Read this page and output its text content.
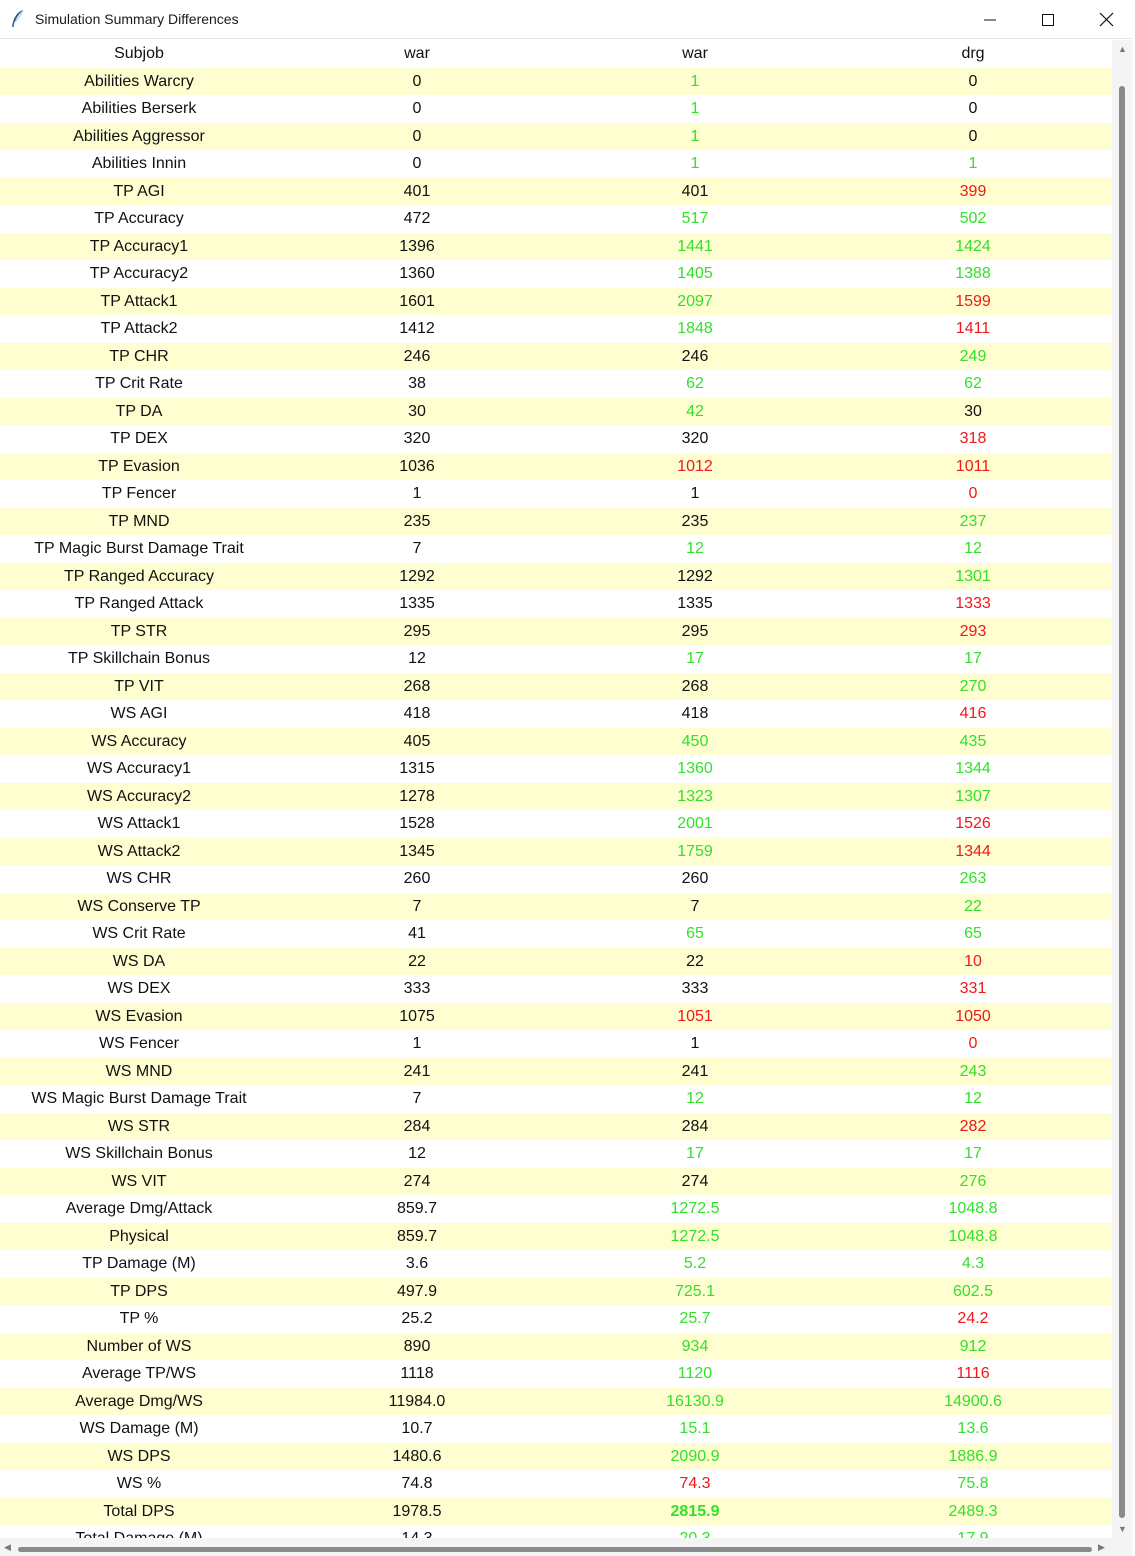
Simulation Summary Differences
Subjob	war	war	drg
Abilities Warcry	0	1	0
Abilities Berserk	0	1	0
Abilities Aggressor	0	1	0
Abilities Innin	0	1	1
TP AGI	401	401	399
TP Accuracy	472	517	502
TP Accuracy1	1396	1441	1424
TP Accuracy2	1360	1405	1388
TP Attack1	1601	2097	1599
TP Attack2	1412	1848	1411
TP CHR	246	246	249
TP Crit Rate	38	62	62
TP DA	30	42	30
TP DEX	320	320	318
TP Evasion	1036	1012	1011
TP Fencer	1	1	0
TP MND	235	235	237
TP Magic Burst Damage Trait	7	12	12
TP Ranged Accuracy	1292	1292	1301
TP Ranged Attack	1335	1335	1333
TP STR	295	295	293
TP Skillchain Bonus	12	17	17
TP VIT	268	268	270
WS AGI	418	418	416
WS Accuracy	405	450	435
WS Accuracy1	1315	1360	1344
WS Accuracy2	1278	1323	1307
WS Attack1	1528	2001	1526
WS Attack2	1345	1759	1344
WS CHR	260	260	263
WS Conserve TP	7	7	22
WS Crit Rate	41	65	65
WS DA	22	22	10
WS DEX	333	333	331
WS Evasion	1075	1051	1050
WS Fencer	1	1	0
WS MND	241	241	243
WS Magic Burst Damage Trait	7	12	12
WS STR	284	284	282
WS Skillchain Bonus	12	17	17
WS VIT	274	274	276
Average Dmg/Attack	859.7	1272.5	1048.8
Physical	859.7	1272.5	1048.8
TP Damage (M)	3.6	5.2	4.3
TP DPS	497.9	725.1	602.5
TP %	25.2	25.7	24.2
Number of WS	890	934	912
Average TP/WS	1118	1120	1116
Average Dmg/WS	11984.0	16130.9	14900.6
WS Damage (M)	10.7	15.1	13.6
WS DPS	1480.6	2090.9	1886.9
WS %	74.8	74.3	75.8
Total DPS	1978.5	2815.9	2489.3
▲
▼
◀	▶
